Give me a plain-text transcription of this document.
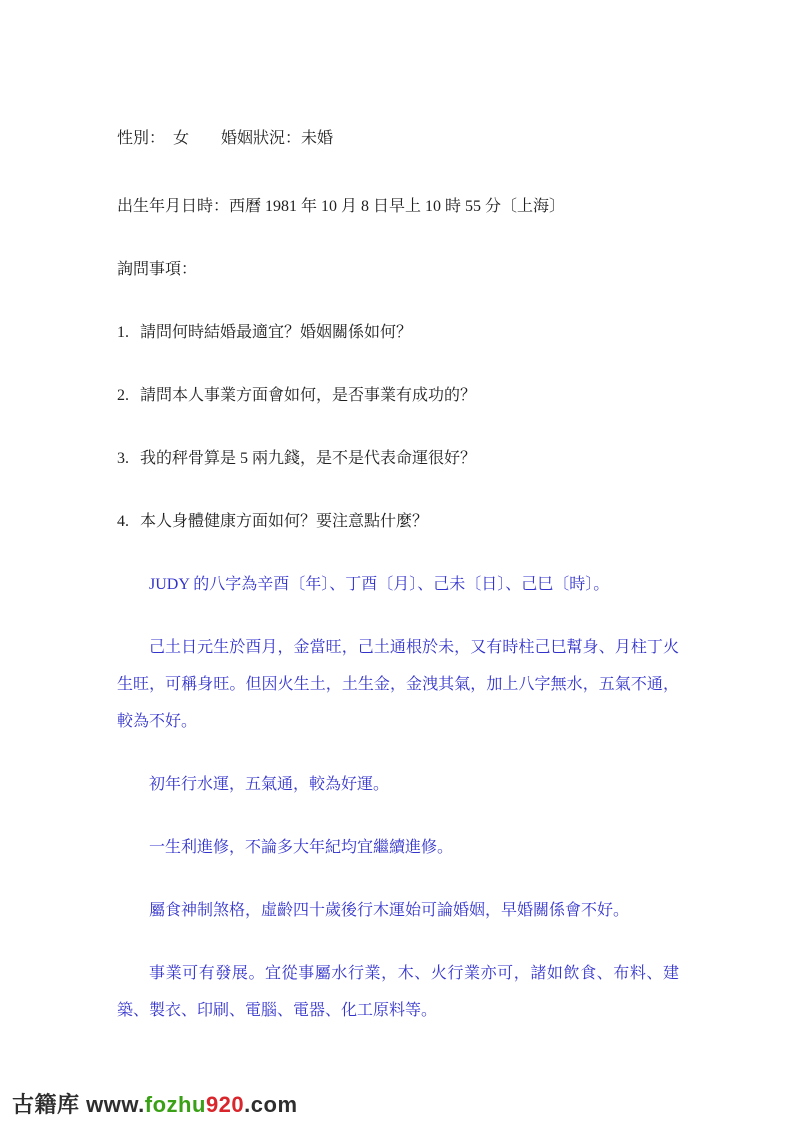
性別：　女　　婚姻狀況：未婚

出生年月日時：西曆 1981 年 10 月 8 日早上 10 時 55 分〔上海〕

詢問事項：

1. 請問何時結婚最適宜？婚姻關係如何？

2. 請問本人事業方面會如何，是否事業有成功的？

3. 我的秤骨算是 5 兩九錢，是不是代表命運很好？

4. 本人身體健康方面如何？要注意點什麼？

JUDY 的八字為辛酉〔年〕、丁酉〔月〕、己未〔日〕、己巳〔時〕。

己土日元生於酉月，金當旺，己土通根於未，又有時柱己巳幫身、月柱丁火生旺，可稱身旺。但因火生土，土生金，金洩其氣，加上八字無水，五氣不通，較為不好。

初年行水運，五氣通，較為好運。

一生利進修，不論多大年紀均宜繼續進修。

屬食神制煞格，虛齡四十歲後行木運始可論婚姻，早婚關係會不好。

事業可有發展。宜從事屬水行業，木、火行業亦可，諸如飲食、布料、建築、製衣、印刷、電腦、電器、化工原料等。

古籍库 www.fozhu920.com
